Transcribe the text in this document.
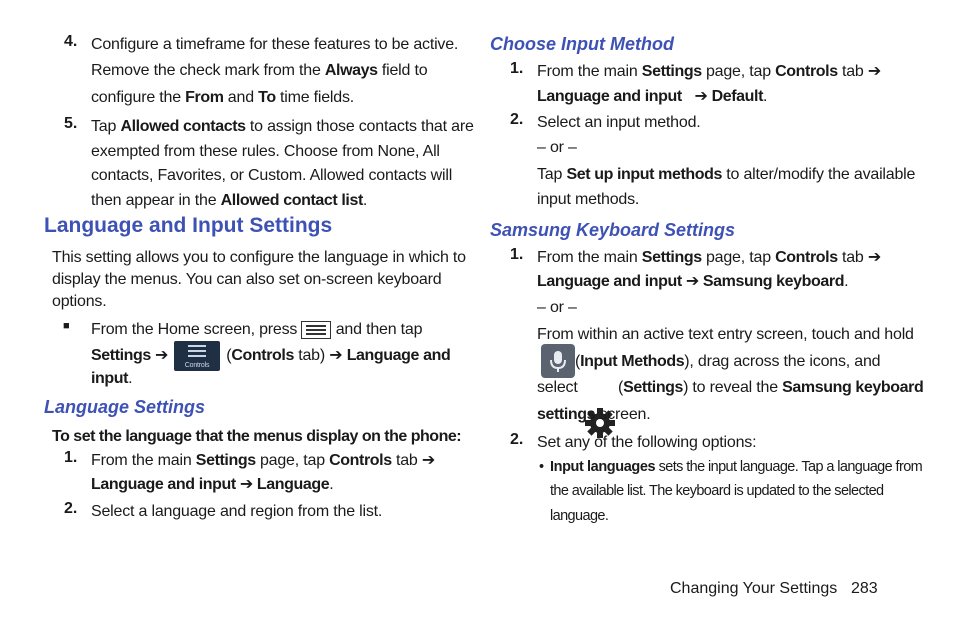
4. Configure a timeframe for these features to be active.
Remove the check mark from the Always field to
configure the From and To time fields.
5. Tap Allowed contacts to assign those contacts that are
exempted from these rules. Choose from None, All
contacts, Favorites, or Custom. Allowed contacts will
then appear in the Allowed contact list.
Language and Input Settings
This setting allows you to configure the language in which to
display the menus. You can also set on-screen keyboard
options.
■ From the Home screen, press
and then tap
Settings ➔
Controls
(Controls tab) ➔ Language and
input.
Language Settings
To set the language that the menus display on the phone:
1. From the main Settings page, tap Controls tab ➔
Language and input ➔ Language.
2. Select a language and region from the list.
Choose Input Method
1. From the main Settings page, tap Controls tab ➔
Language and input ➔ Default.
2. Select an input method.
– or –
Tap Set up input methods to alter/modify the available
input methods.
Samsung Keyboard Settings
1. From the main Settings page, tap Controls tab ➔
Language and input ➔ Samsung keyboard.
– or –
From within an active text entry screen, touch and hold
(Input Methods), drag across the icons, and
select	(Settings) to reveal the Samsung keyboard
settings screen.
2. Set any of the following options:
• Input languages sets the input language. Tap a language from
the available list. The keyboard is updated to the selected
language.
Changing Your Settings 283
